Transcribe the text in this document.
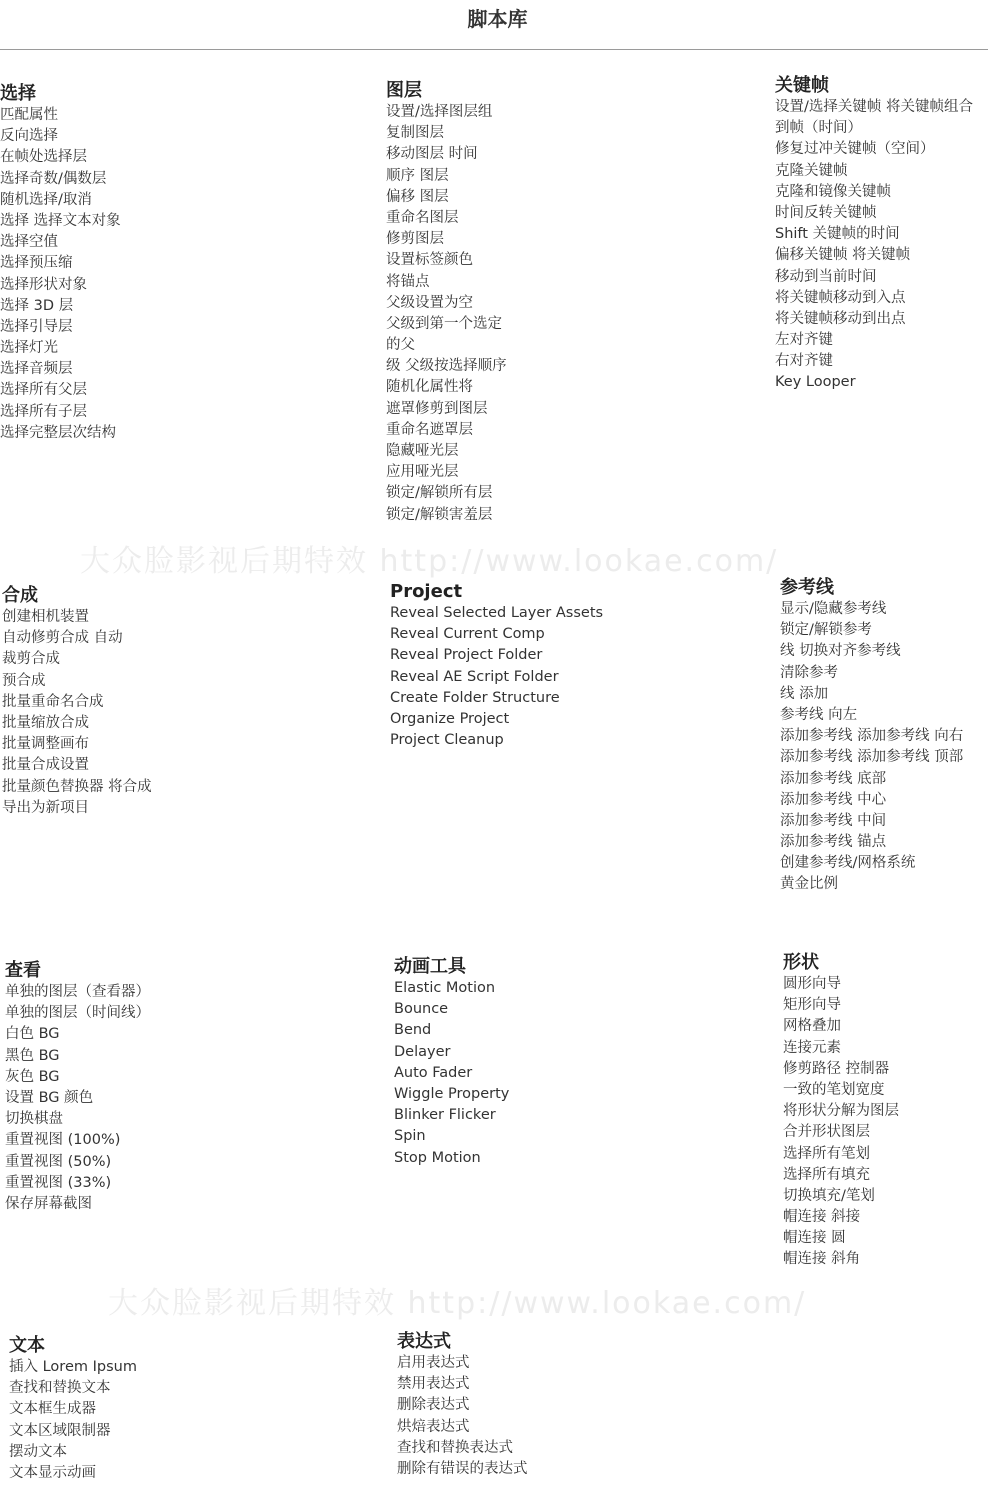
脚本库
大众脸影视后期特效 http://www.lookae.com/
大众脸影视后期特效 http://www.lookae.com/
选择
匹配属性
反向选择
在帧处选择层
选择奇数/偶数层
随机选择/取消
选择 选择文本对象
选择空值
选择预压缩
选择形状对象
选择 3D 层
选择引导层
选择灯光
选择音频层
选择所有父层
选择所有子层
选择完整层次结构
图层
设置/选择图层组
复制图层
移动图层 时间
顺序 图层
偏移 图层
重命名图层
修剪图层
设置标签颜色
将锚点
父级设置为空
父级到第一个选定
的父
级 父级按选择顺序
随机化属性将
遮罩修剪到图层
重命名遮罩层
隐藏哑光层
应用哑光层
锁定/解锁所有层
锁定/解锁害羞层
关键帧
设置/选择关键帧 将关键帧组合
到帧（时间）
修复过冲关键帧（空间）
克隆关键帧
克隆和镜像关键帧
时间反转关键帧
Shift 关键帧的时间
偏移关键帧 将关键帧
移动到当前时间
将关键帧移动到入点
将关键帧移动到出点
左对齐键
右对齐键
Key Looper
合成
创建相机装置
自动修剪合成 自动
裁剪合成
预合成
批量重命名合成
批量缩放合成
批量调整画布
批量合成设置
批量颜色替换器 将合成
导出为新项目
Project
Reveal Selected Layer Assets
Reveal Current Comp
Reveal Project Folder
Reveal AE Script Folder
Create Folder Structure
Organize Project
Project Cleanup
参考线
显示/隐藏参考线
锁定/解锁参考
线 切换对齐参考线
清除参考
线 添加
参考线 向左
添加参考线 添加参考线 向右
添加参考线 添加参考线 顶部
添加参考线 底部
添加参考线 中心
添加参考线 中间
添加参考线 锚点
创建参考线/网格系统
黄金比例
查看
单独的图层（查看器）
单独的图层（时间线）
白色 BG
黑色 BG
灰色 BG
设置 BG 颜色
切换棋盘
重置视图 (100%)
重置视图 (50%)
重置视图 (33%)
保存屏幕截图
动画工具
Elastic Motion
Bounce
Bend
Delayer
Auto Fader
Wiggle Property
Blinker Flicker
Spin
Stop Motion
形状
圆形向导
矩形向导
网格叠加
连接元素
修剪路径 控制器
一致的笔划宽度
将形状分解为图层
合并形状图层
选择所有笔划
选择所有填充
切换填充/笔划
帽连接 斜接
帽连接 圆
帽连接 斜角
文本
插入 Lorem Ipsum
查找和替换文本
文本框生成器
文本区域限制器
摆动文本
文本显示动画
表达式
启用表达式
禁用表达式
删除表达式
烘焙表达式
查找和替换表达式
删除有错误的表达式
